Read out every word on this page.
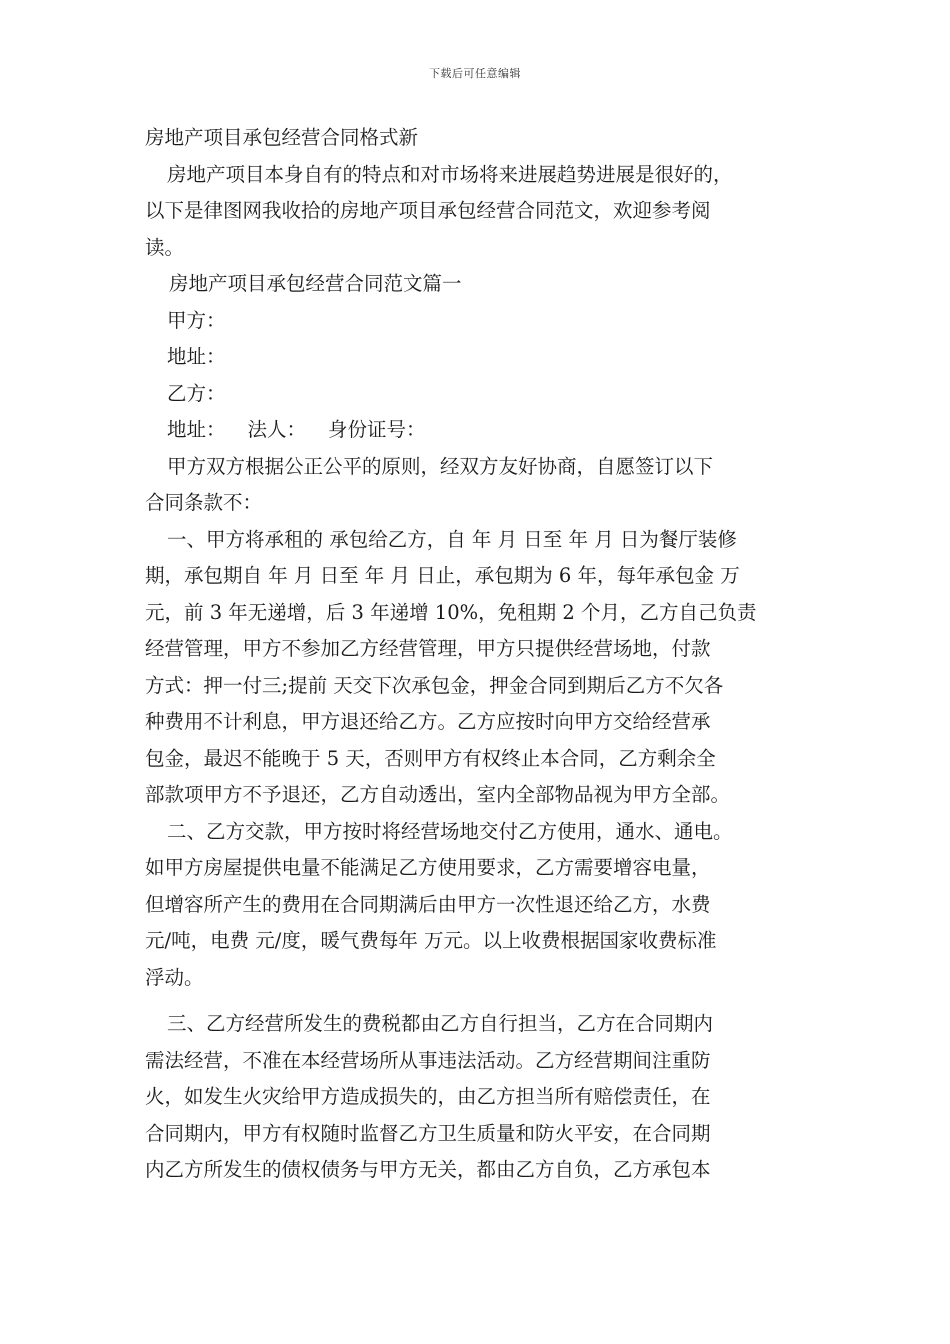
下载后可任意编辑
房地产项目承包经营合同格式新
房地产项目本身自有的特点和对市场将来进展趋势进展是很好的，
以下是律图网我收拾的房地产项目承包经营合同范文，欢迎参考阅
读。
房地产项目承包经营合同范文篇一
甲方：
地址：
乙方：
地址： 法人： 身份证号：
甲方双方根据公正公平的原则，经双方友好协商，自愿签订以下
合同条款不：
一、甲方将承租的 承包给乙方，自 年 月 日至 年 月 日为餐厅装修
期，承包期自 年 月 日至 年 月 日止，承包期为 6 年，每年承包金 万
元，前 3 年无递增，后 3 年递增 10%，免租期 2 个月，乙方自己负责
经营管理，甲方不参加乙方经营管理，甲方只提供经营场地，付款
方式：押一付三;提前 天交下次承包金，押金合同到期后乙方不欠各
种费用不计利息，甲方退还给乙方。乙方应按时向甲方交给经营承
包金，最迟不能晚于 5 天，否则甲方有权终止本合同，乙方剩余全
部款项甲方不予退还，乙方自动透出，室内全部物品视为甲方全部。
二、乙方交款，甲方按时将经营场地交付乙方使用，通水、通电。
如甲方房屋提供电量不能满足乙方使用要求，乙方需要增容电量，
但增容所产生的费用在合同期满后由甲方一次性退还给乙方，水费
元/吨，电费 元/度，暖气费每年 万元。以上收费根据国家收费标准
浮动。
三、乙方经营所发生的费税都由乙方自行担当，乙方在合同期内
需法经营，不准在本经营场所从事违法活动。乙方经营期间注重防
火，如发生火灾给甲方造成损失的，由乙方担当所有赔偿责任，在
合同期内，甲方有权随时监督乙方卫生质量和防火平安，在合同期
内乙方所发生的债权债务与甲方无关，都由乙方自负，乙方承包本
